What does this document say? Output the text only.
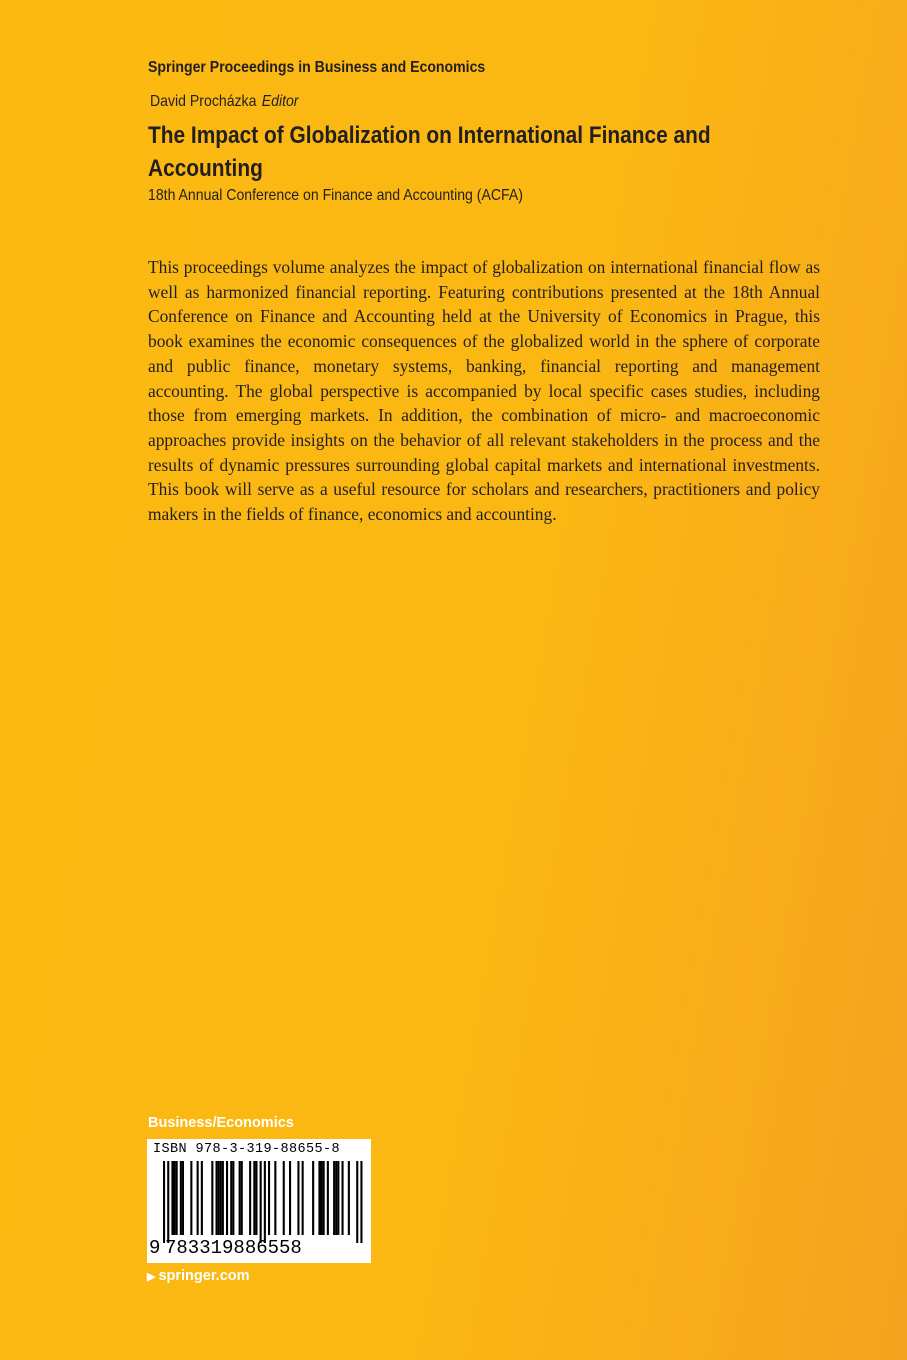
Springer Proceedings in Business and Economics
David Procházka Editor
The Impact of Globalization on International Finance and Accounting
18th Annual Conference on Finance and Accounting (ACFA)

This proceedings volume analyzes the impact of globalization on international financial flow as well as harmonized financial reporting. Featuring contributions presented at the 18th Annual Conference on Finance and Accounting held at the University of Economics in Prague, this book examines the economic consequences of the globalized world in the sphere of corporate and public finance, monetary systems, banking, financial reporting and management accounting. The global perspective is accompanied by local specific cases studies, including those from emerging markets. In addition, the combination of micro- and macroeconomic approaches provide insights on the behavior of all relevant stakeholders in the process and the results of dynamic pressures surrounding global capital markets and international investments. This book will serve as a useful resource for scholars and researchers, practitioners and policy makers in the fields of finance, economics and accounting.

Business/Economics
ISBN 978-3-319-88655-8
9 783319886558
▶ springer.com
